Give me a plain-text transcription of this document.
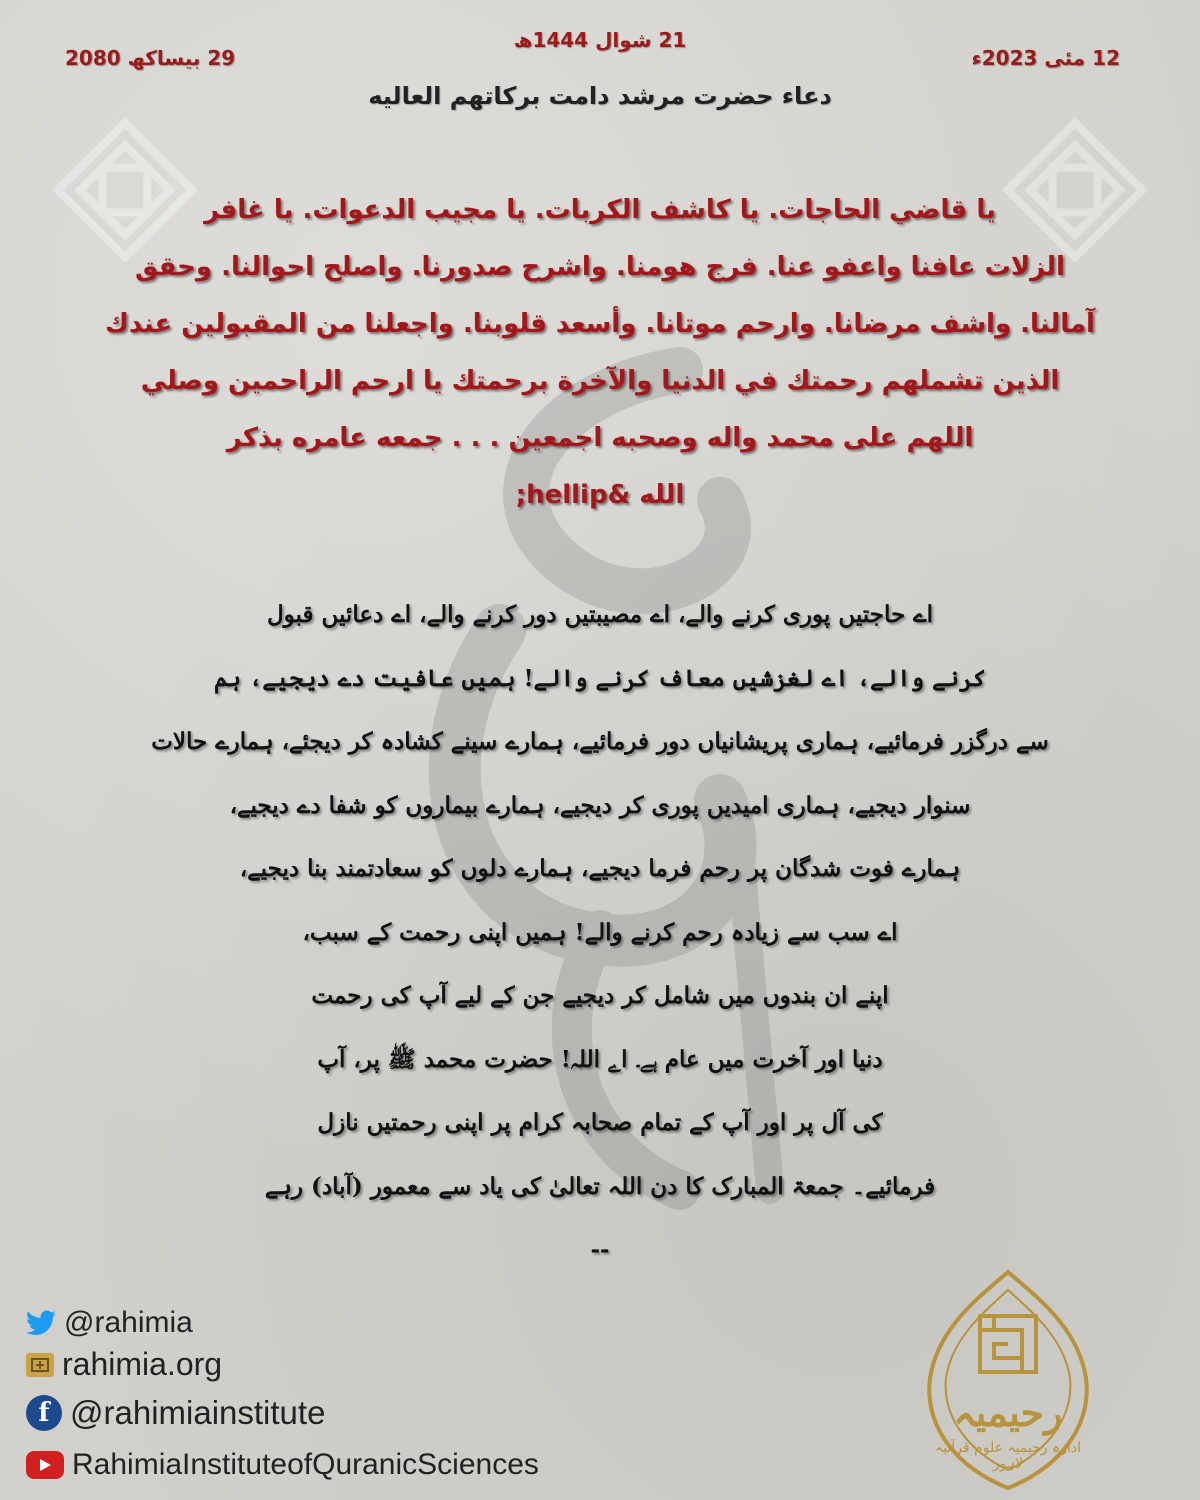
12 مئی 2023ء
21 شوال 1444ھ
29 بیساکھ 2080
دعاء حضرت مرشد دامت بركاتهم العاليه
يا قاضي الحاجات. يا كاشف الكربات. يا مجيب الدعوات. يا غافر
الزلات عافنا واعفو عنا. فرج هومنا. واشرح صدورنا. واصلح احوالنا. وحقق
آمالنا. واشف مرضانا. وارحم موتانا. وأسعد قلوبنا. واجعلنا من المقبولين عندك
الذين تشملهم رحمتك في الدنيا والآخرة برحمتك يا ارحم الراحمين وصلي
اللهم على محمد واله وصحبه اجمعين . . . جمعه عامره بذكر
الله &hellip;
اے حاجتیں پوری کرنے والے، اے مصیبتیں دور کرنے والے، اے دعائیں قبول
کرنے والے، اے لغزشیں معاف کرنے والے! ہمیں عافیت دے دیجیے، ہم
سے درگزر فرمائیے، ہماری پریشانیاں دور فرمائیے، ہمارے سینے کشادہ کر دیجئے، ہمارے حالات
سنوار دیجیے، ہماری امیدیں پوری کر دیجیے، ہمارے بیماروں کو شفا دے دیجیے،
ہمارے فوت شدگان پر رحم فرما دیجیے، ہمارے دلوں کو سعادتمند بنا دیجیے،
اے سب سے زیادہ رحم کرنے والے! ہمیں اپنی رحمت کے سبب،
اپنے ان بندوں میں شامل کر دیجیے جن کے لیے آپ کی رحمت
دنیا اور آخرت میں عام ہے۔ اے اللہ! حضرت محمد ﷺ پر، آپ
کی آل پر اور آپ کے تمام صحابہ کرام پر اپنی رحمتیں نازل
فرمائیے۔ جمعۃ المبارک کا دن اللہ تعالیٰ کی یاد سے معمور (آباد) رہے
--
@rahimia
rahimia.org
f @rahimiainstitute
RahimiaInstituteofQuranicSciences
رحیمیہ
ادارہ رحیمیہ علوم قرآنیہ لاہور
